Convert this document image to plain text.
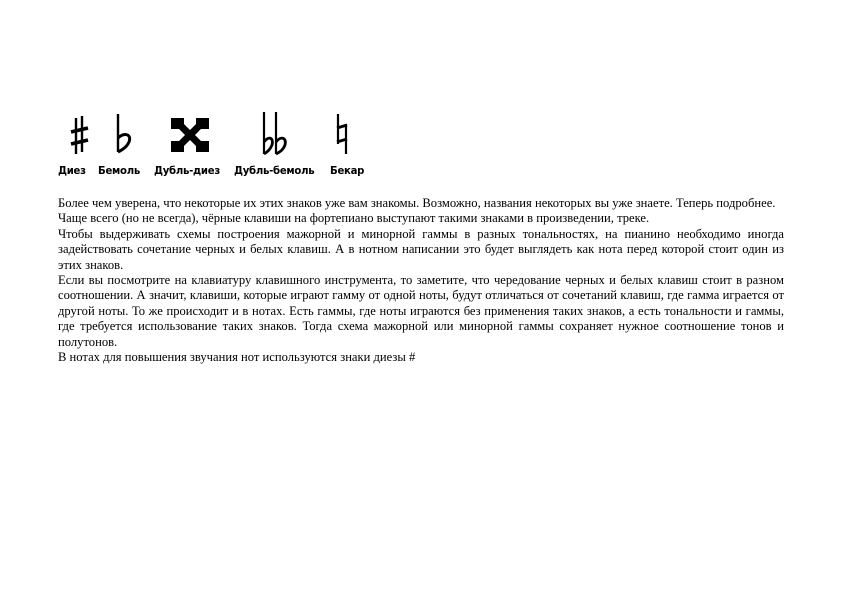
Диез Бемоль Дубль-диез Дубль-бемоль Бекар

Более чем уверена, что некоторые их этих знаков уже вам знакомы. Возможно, названия некоторых вы уже знаете. Теперь подробнее.

Чаще всего (но не всегда), чёрные клавиши на фортепиано выступают такими знаками в произведении, треке.

Чтобы выдерживать схемы построения мажорной и минорной гаммы в разных тональностях, на пианино необходимо иногда задействовать сочетание черных и белых клавиш. А в нотном написании это будет выглядеть как нота перед которой стоит один из этих знаков.

Если вы посмотрите на клавиатуру клавишного инструмента, то заметите, что чередование черных и белых клавиш стоит в разном соотношении. А значит, клавиши, которые играют гамму от одной ноты, будут отличаться от сочетаний клавиш, где гамма играется от другой ноты. То же происходит и в нотах. Есть гаммы, где ноты играются без применения таких знаков, а есть тональности и гаммы, где требуется использование таких знаков. Тогда схема мажорной или минорной гаммы сохраняет нужное соотношение тонов и полутонов.

В нотах для повышения звучания нот используются знаки диезы #
